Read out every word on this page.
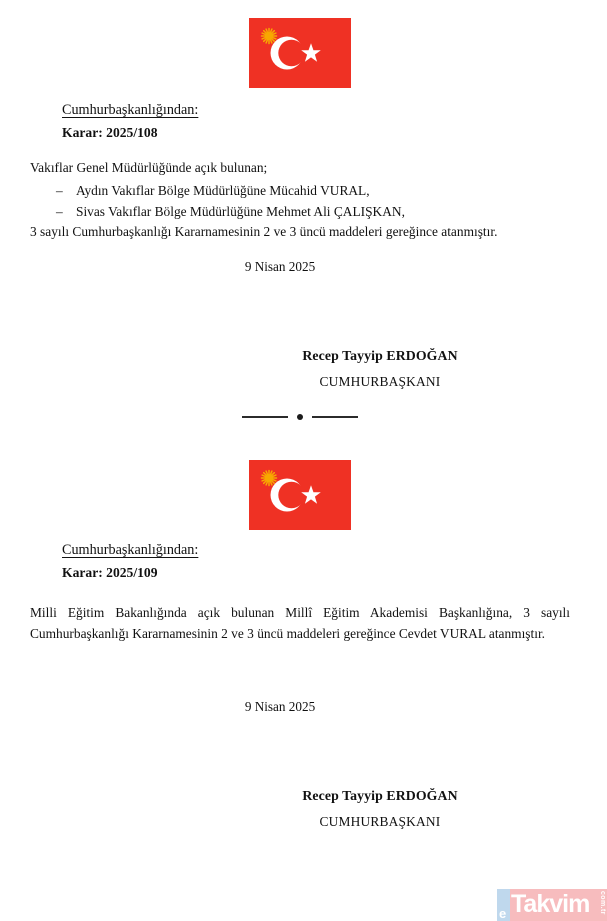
Cumhurbaşkanlığından:

Karar: 2025/108

Vakıflar Genel Müdürlüğünde açık bulunan;

– Aydın Vakıflar Bölge Müdürlüğüne Mücahid VURAL,
– Sivas Vakıflar Bölge Müdürlüğüne Mehmet Ali ÇALIŞKAN,

3 sayılı Cumhurbaşkanlığı Kararnamesinin 2 ve 3 üncü maddeleri gereğince atanmıştır.

9 Nisan 2025

Recep Tayyip ERDOĞAN

CUMHURBAŞKANI

Cumhurbaşkanlığından:

Karar: 2025/109

Milli Eğitim Bakanlığında açık bulunan Millî Eğitim Akademisi Başkanlığına, 3 sayılı Cumhurbaşkanlığı Kararnamesinin 2 ve 3 üncü maddeleri gereğince Cevdet VURAL atanmıştır.
9 Nisan 2025

Recep Tayyip ERDOĞAN

CUMHURBAŞKANI

e Takvim com.tr
